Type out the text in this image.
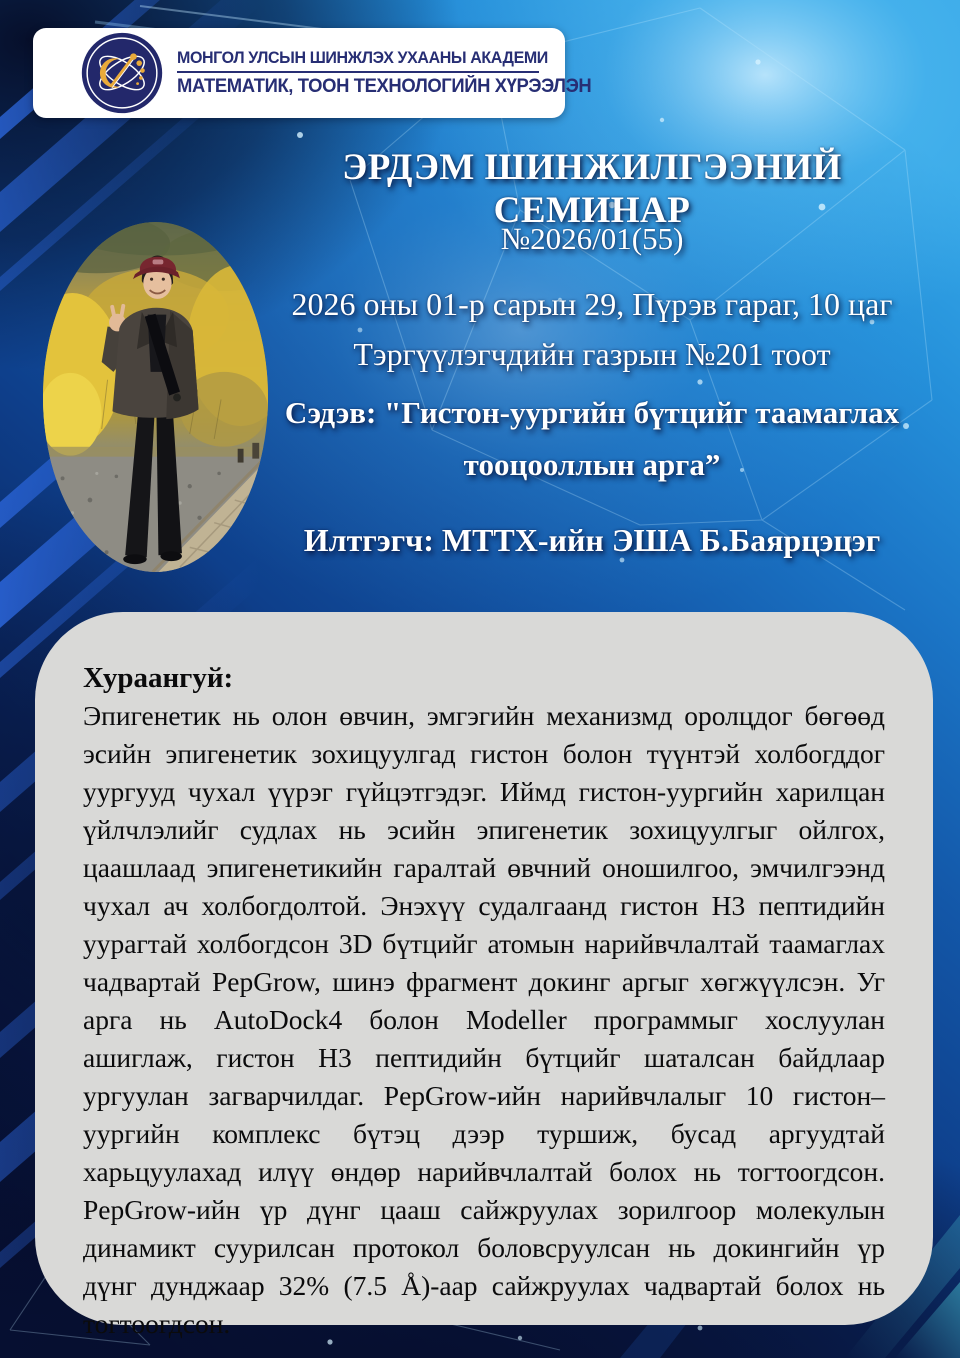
МОНГОЛ УЛСЫН ШИНЖЛЭХ УХААНЫ АКАДЕМИ
МАТЕМАТИК, ТООН ТЕХНОЛОГИЙН ХҮРЭЭЛЭН
ЭРДЭМ ШИНЖИЛГЭЭНИЙ СЕМИНАР
№2026/01(55)
2026 оны 01-р сарын 29, Пүрэв гараг, 10 цаг
Тэргүүлэгчдийн газрын №201 тоот
Сэдэв: "Гистон-уургийн бүтцийг таамаглах
тооцооллын арга”
Илтгэгч: МТТХ-ийн ЭША Б.Баярцэцэг

Хураангуй:

Эпигенетик нь олон өвчин, эмгэгийн механизмд оролцдог бөгөөд эсийн эпигенетик зохицуулгад гистон болон түүнтэй холбогддог уургууд чухал үүрэг гүйцэтгэдэг. Иймд гистон-уургийн харилцан үйлчлэлийг судлах нь эсийн эпигенетик зохицуулгыг ойлгох, цаашлаад эпигенетикийн гаралтай өвчний оношилгоо, эмчилгээнд чухал ач холбогдолтой. Энэхүү судалгаанд гистон H3 пептидийн уурагтай холбогдсон 3D бүтцийг атомын нарийвчлалтай таамаглах чадвартай PepGrow, шинэ фрагмент докинг аргыг хөгжүүлсэн. Уг арга нь AutoDock4 болон Modeller программыг хослуулан ашиглаж, гистон H3 пептидийн бүтцийг шаталсан байдлаар ургуулан загварчилдаг. PepGrow-ийн нарийвчлалыг 10 гистон–уургийн комплекс бүтэц дээр туршиж, бусад аргуудтай харьцуулахад илүү өндөр нарийвчлалтай болох нь тогтоогдсон. PepGrow-ийн үр дүнг цааш сайжруулах зорилгоор молекулын динамикт суурилсан протокол боловсруулсан нь докингийн үр дүнг дунджаар 32% (7.5 Å)-аар сайжруулах чадвартай болох нь тогтоогдсон.
